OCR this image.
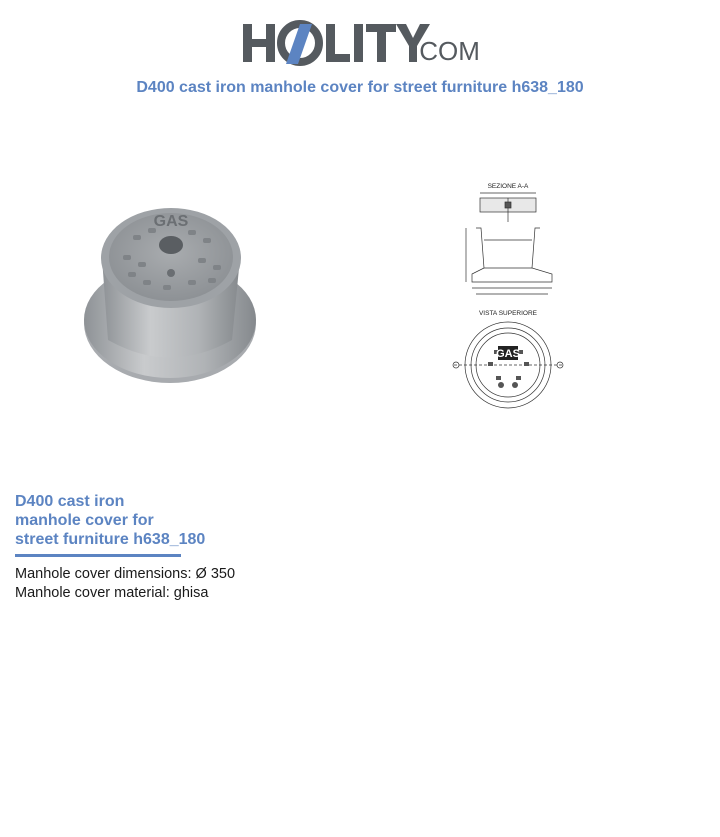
.COM
D400 cast iron manhole cover for street furniture h638_180
GAS
SEZIONE A-A
VISTA SUPERIORE
GAS
D400 cast iron
manhole cover for
street furniture h638_180
Manhole cover dimensions: Ø 350
Manhole cover material: ghisa
